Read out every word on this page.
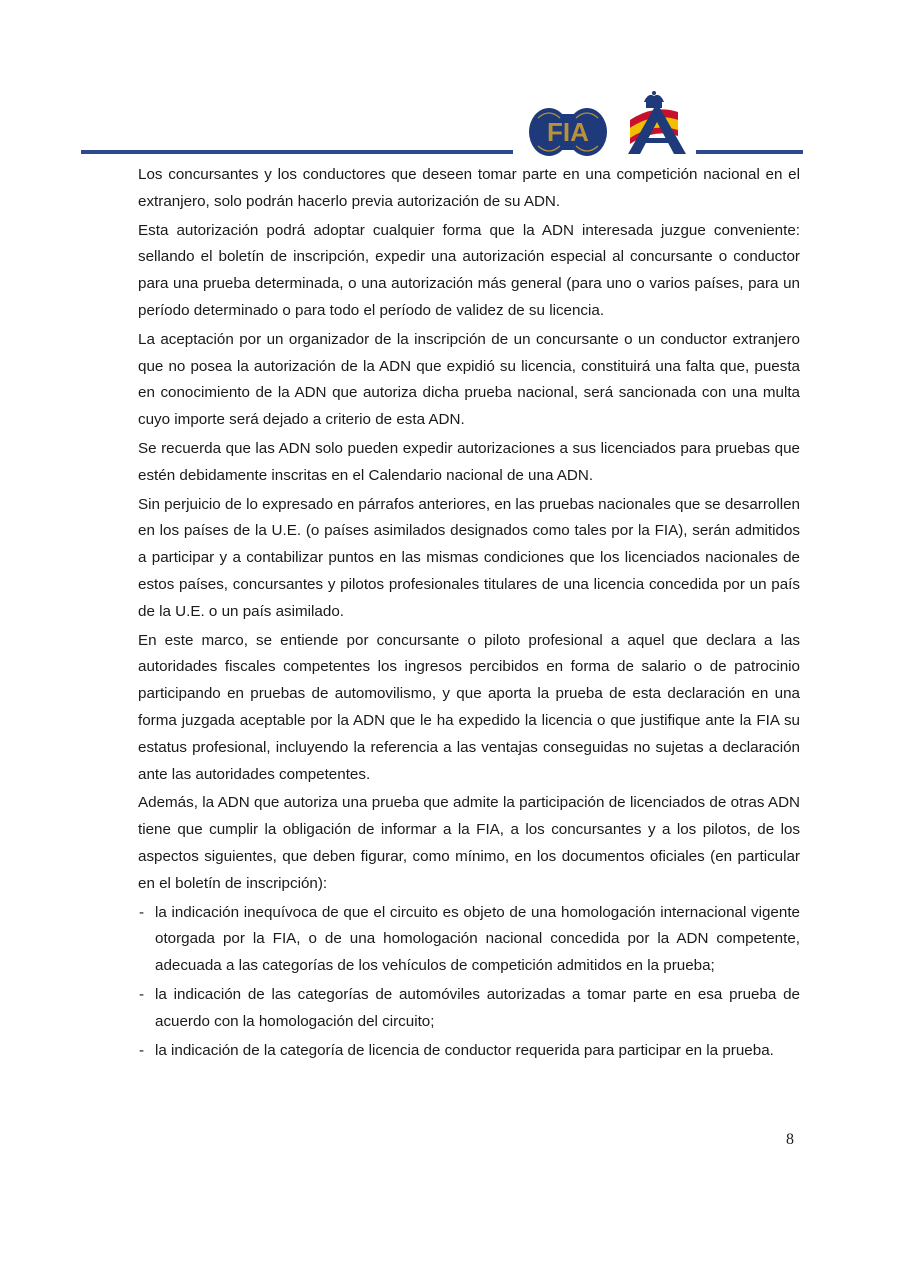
FIA

Los concursantes y los conductores que deseen tomar parte en una competición nacional en el extranjero, solo podrán hacerlo previa autorización de su ADN.

Esta autorización podrá adoptar cualquier forma que la ADN interesada juzgue conveniente: sellando el boletín de inscripción, expedir una autorización especial al concursante o conductor para una prueba determinada, o una autorización más general (para uno o varios países, para un período determinado o para todo el período de validez de su licencia.

La aceptación por un organizador de la inscripción de un concursante o un conductor extranjero que no posea la autorización de la ADN que expidió su licencia, constituirá una falta que, puesta en conocimiento de la ADN que autoriza dicha prueba nacional, será sancionada con una multa cuyo importe será dejado a criterio de esta ADN.

Se recuerda que las ADN solo pueden expedir autorizaciones a sus licenciados para pruebas que estén debidamente inscritas en el Calendario nacional de una ADN.

Sin perjuicio de lo expresado en párrafos anteriores, en las pruebas nacionales que se desarrollen en los países de la U.E. (o países asimilados designados como tales por la FIA), serán admitidos a participar y a contabilizar puntos en las mismas condiciones que los licenciados nacionales de estos países, concursantes y pilotos profesionales titulares de una licencia concedida por un país de la U.E. o un país asimilado.

En este marco, se entiende por concursante o piloto profesional a aquel que declara a las autoridades fiscales competentes los ingresos percibidos en forma de salario o de patrocinio participando en pruebas de automovilismo, y que aporta la prueba de esta declaración en una forma juzgada aceptable por la ADN que le ha expedido la licencia o que justifique ante la FIA su estatus profesional, incluyendo la referencia a las ventajas conseguidas no sujetas a declaración ante las autoridades competentes.

Además, la ADN que autoriza una prueba que admite la participación de licenciados de otras ADN tiene que cumplir la obligación de informar a la FIA, a los concursantes y a los pilotos, de los aspectos siguientes, que deben figurar, como mínimo, en los documentos oficiales (en particular en el boletín de inscripción):

- la indicación inequívoca de que el circuito es objeto de una homologación internacional vigente otorgada por la FIA, o de una homologación nacional concedida por la ADN competente, adecuada a las categorías de los vehículos de competición admitidos en la prueba;
- la indicación de las categorías de automóviles autorizadas a tomar parte en esa prueba de acuerdo con la homologación del circuito;
- la indicación de la categoría de licencia de conductor requerida para participar en la prueba.
8
